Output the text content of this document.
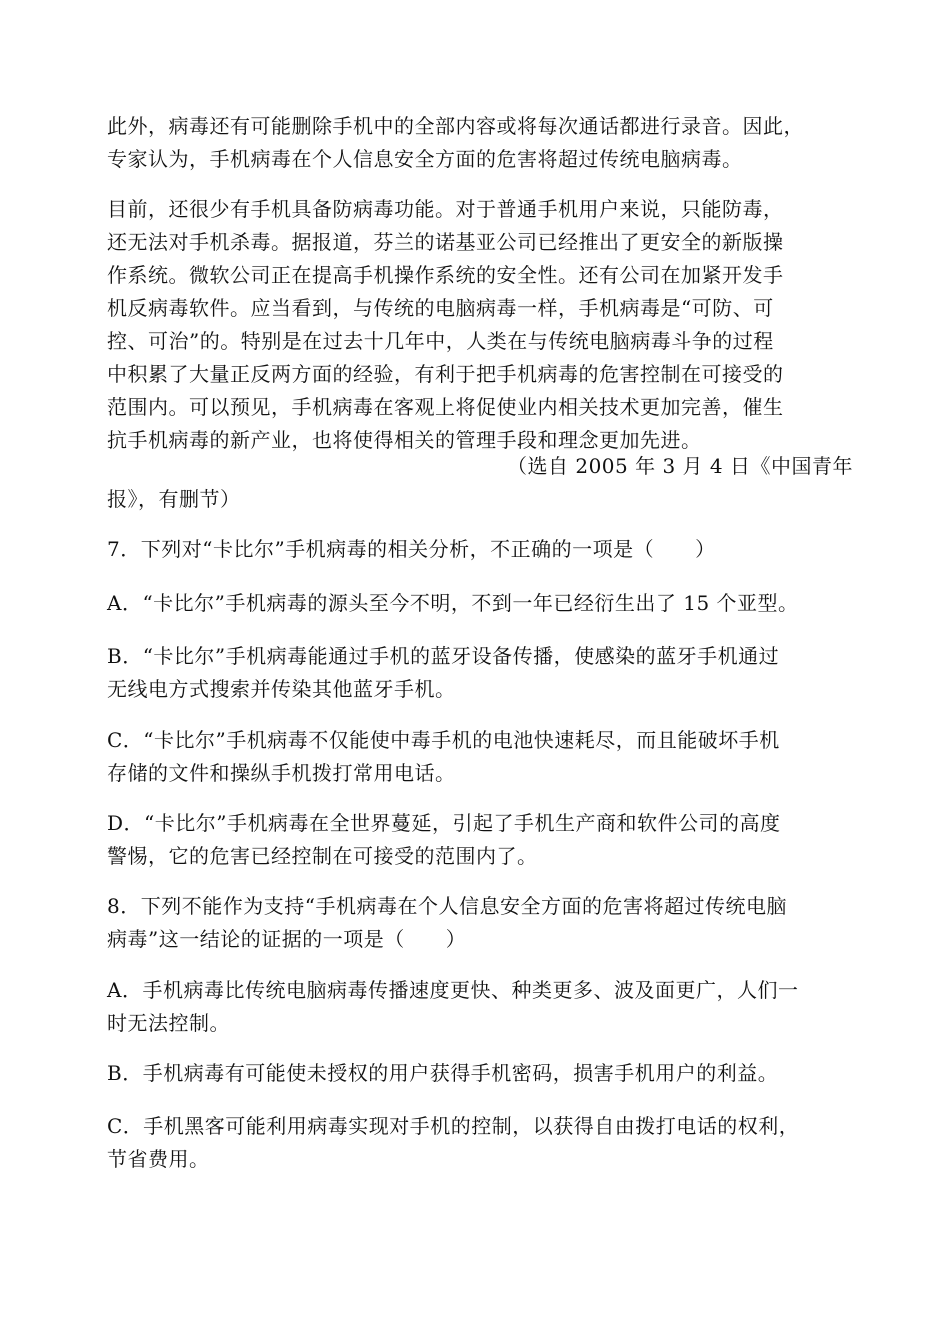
此外，病毒还有可能删除手机中的全部内容或将每次通话都进行录音。因此，
专家认为，手机病毒在个人信息安全方面的危害将超过传统电脑病毒。

目前，还很少有手机具备防病毒功能。对于普通手机用户来说，只能防毒，
还无法对手机杀毒。据报道，芬兰的诺基亚公司已经推出了更安全的新版操
作系统。微软公司正在提高手机操作系统的安全性。还有公司在加紧开发手
机反病毒软件。应当看到，与传统的电脑病毒一样，手机病毒是“可防、可
控、可治”的。特别是在过去十几年中，人类在与传统电脑病毒斗争的过程
中积累了大量正反两方面的经验，有利于把手机病毒的危害控制在可接受的
范围内。可以预见，手机病毒在客观上将促使业内相关技术更加完善，催生
抗手机病毒的新产业，也将使得相关的管理手段和理念更加先进。

（选自 2005 年 3 月 4 日《中国青年
报》，有删节）

7．下列对“卡比尔”手机病毒的相关分析，不正确的一项是（　　）

A．“卡比尔”手机病毒的源头至今不明，不到一年已经衍生出了 15 个亚型。

B．“卡比尔”手机病毒能通过手机的蓝牙设备传播，使感染的蓝牙手机通过
无线电方式搜索并传染其他蓝牙手机。

C．“卡比尔”手机病毒不仅能使中毒手机的电池快速耗尽，而且能破坏手机
存储的文件和操纵手机拨打常用电话。

D．“卡比尔”手机病毒在全世界蔓延，引起了手机生产商和软件公司的高度
警惕，它的危害已经控制在可接受的范围内了。

8．下列不能作为支持“手机病毒在个人信息安全方面的危害将超过传统电脑
病毒”这一结论的证据的一项是（　　）

A．手机病毒比传统电脑病毒传播速度更快、种类更多、波及面更广，人们一
时无法控制。

B．手机病毒有可能使未授权的用户获得手机密码，损害手机用户的利益。

C．手机黑客可能利用病毒实现对手机的控制，以获得自由拨打电话的权利，
节省费用。
